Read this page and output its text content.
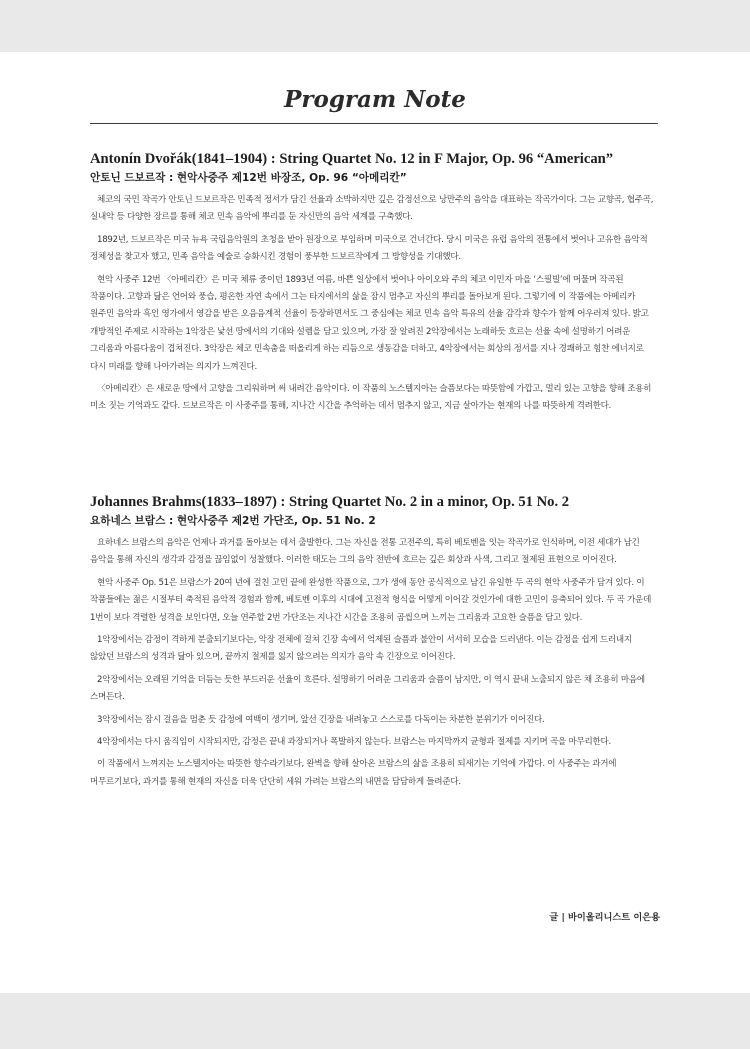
Program Note
Antonín Dvořák(1841–1904) : String Quartet No. 12 in F Major, Op. 96 “American”
안토닌 드보르작 : 현악사중주 제12번 바장조, Op. 96 “아메리칸”

체코의 국민 작곡가 안토닌 드보르작은 민족적 정서가 담긴 선율과 소박하지만 깊은 감정선으로 낭만주의 음악을 대표하는 작곡가이다. 그는 교향곡, 협주곡, 실내악 등 다양한 장르를 통해 체코 민속 음악에 뿌리를 둔 자신만의 음악 세계를 구축했다.

1892년, 드보르작은 미국 뉴욕 국립음악원의 초청을 받아 원장으로 부임하며 미국으로 건너간다. 당시 미국은 유럽 음악의 전통에서 벗어나 고유한 음악적 정체성을 찾고자 했고, 민족 음악을 예술로 승화시킨 경험이 풍부한 드보르작에게 그 방향성을 기대했다.

현악 사중주 12번 〈아메리칸〉은 미국 체류 중이던 1893년 여름, 바쁜 일상에서 벗어나 아이오와 주의 체코 이민자 마을 ‘스필빌’에 머물며 작곡된 작품이다. 고향과 닮은 언어와 풍습, 평온한 자연 속에서 그는 타지에서의 삶을 잠시 멈추고 자신의 뿌리를 돌아보게 된다. 그렇기에 이 작품에는 아메리카 원주민 음악과 흑인 영가에서 영감을 받은 오음음계적 선율이 등장하면서도 그 중심에는 체코 민속 음악 특유의 선율 감각과 향수가 함께 어우러져 있다. 밝고 개방적인 주제로 시작하는 1악장은 낯선 땅에서의 기대와 설렘을 담고 있으며, 가장 잘 알려진 2악장에서는 노래하듯 흐르는 선율 속에 설명하기 어려운 그리움과 아름다움이 겹쳐진다. 3악장은 체코 민속춤을 떠올리게 하는 리듬으로 생동감을 더하고, 4악장에서는 회상의 정서를 지나 경쾌하고 힘찬 에너지로 다시 미래를 향해 나아가려는 의지가 느껴진다.

〈아메리칸〉은 새로운 땅에서 고향을 그리워하며 써 내려간 음악이다. 이 작품의 노스텔지아는 슬픔보다는 따뜻함에 가깝고, 멀리 있는 고향을 향해 조용히 미소 짓는 기억과도 같다. 드보르작은 이 사중주를 통해, 지나간 시간을 추억하는 데서 멈추지 않고, 지금 살아가는 현재의 나를 따뜻하게 격려한다.

Johannes Brahms(1833–1897) : String Quartet No. 2 in a minor, Op. 51 No. 2
요하네스 브람스 : 현악사중주 제2번 가단조, Op. 51 No. 2

요하네스 브람스의 음악은 언제나 과거를 돌아보는 데서 출발한다. 그는 자신을 전통 고전주의, 특히 베토벤을 잇는 작곡가로 인식하며, 이전 세대가 남긴 음악을 통해 자신의 생각과 감정을 끊임없이 성찰했다. 이러한 태도는 그의 음악 전반에 흐르는 깊은 회상과 사색, 그리고 절제된 표현으로 이어진다.

현악 사중주 Op. 51은 브람스가 20여 년에 걸친 고민 끝에 완성한 작품으로, 그가 생애 동안 공식적으로 남긴 유일한 두 곡의 현악 사중주가 담겨 있다. 이 작품들에는 젊은 시절부터 축적된 음악적 경험과 함께, 베토벤 이후의 시대에 고전적 형식을 어떻게 이어갈 것인가에 대한 고민이 응축되어 있다. 두 곡 가운데 1번이 보다 격렬한 성격을 보인다면, 오늘 연주할 2번 가단조는 지나간 시간을 조용히 곱씹으며 느끼는 그리움과 고요한 슬픔을 담고 있다.

1악장에서는 감정이 격하게 분출되기보다는, 악장 전체에 걸쳐 긴장 속에서 억제된 슬픔과 불안이 서서히 모습을 드러낸다. 이는 감정을 쉽게 드러내지 않았던 브람스의 성격과 닮아 있으며, 끝까지 절제를 잃지 않으려는 의지가 음악 속 긴장으로 이어진다.

2악장에서는 오래된 기억을 더듬는 듯한 부드러운 선율이 흐른다. 설명하기 어려운 그리움과 슬픔이 남지만, 이 역시 끝내 노출되지 않은 채 조용히 마음에 스며든다.

3악장에서는 잠시 걸음을 멈춘 듯 감정에 여백이 생기며, 앞선 긴장을 내려놓고 스스로를 다독이는 차분한 분위기가 이어진다.

4악장에서는 다시 움직임이 시작되지만, 감정은 끝내 과장되거나 폭발하지 않는다. 브람스는 마지막까지 균형과 절제를 지키며 곡을 마무리한다.

이 작품에서 느껴지는 노스텔지아는 따뜻한 향수라기보다, 완벽을 향해 살아온 브람스의 삶을 조용히 되새기는 기억에 가깝다. 이 사중주는 과거에 머무르기보다, 과거를 통해 현재의 자신을 더욱 단단히 세워 가려는 브람스의 내면을 담담하게 들려준다.

글 | 바이올리니스트 이은용
